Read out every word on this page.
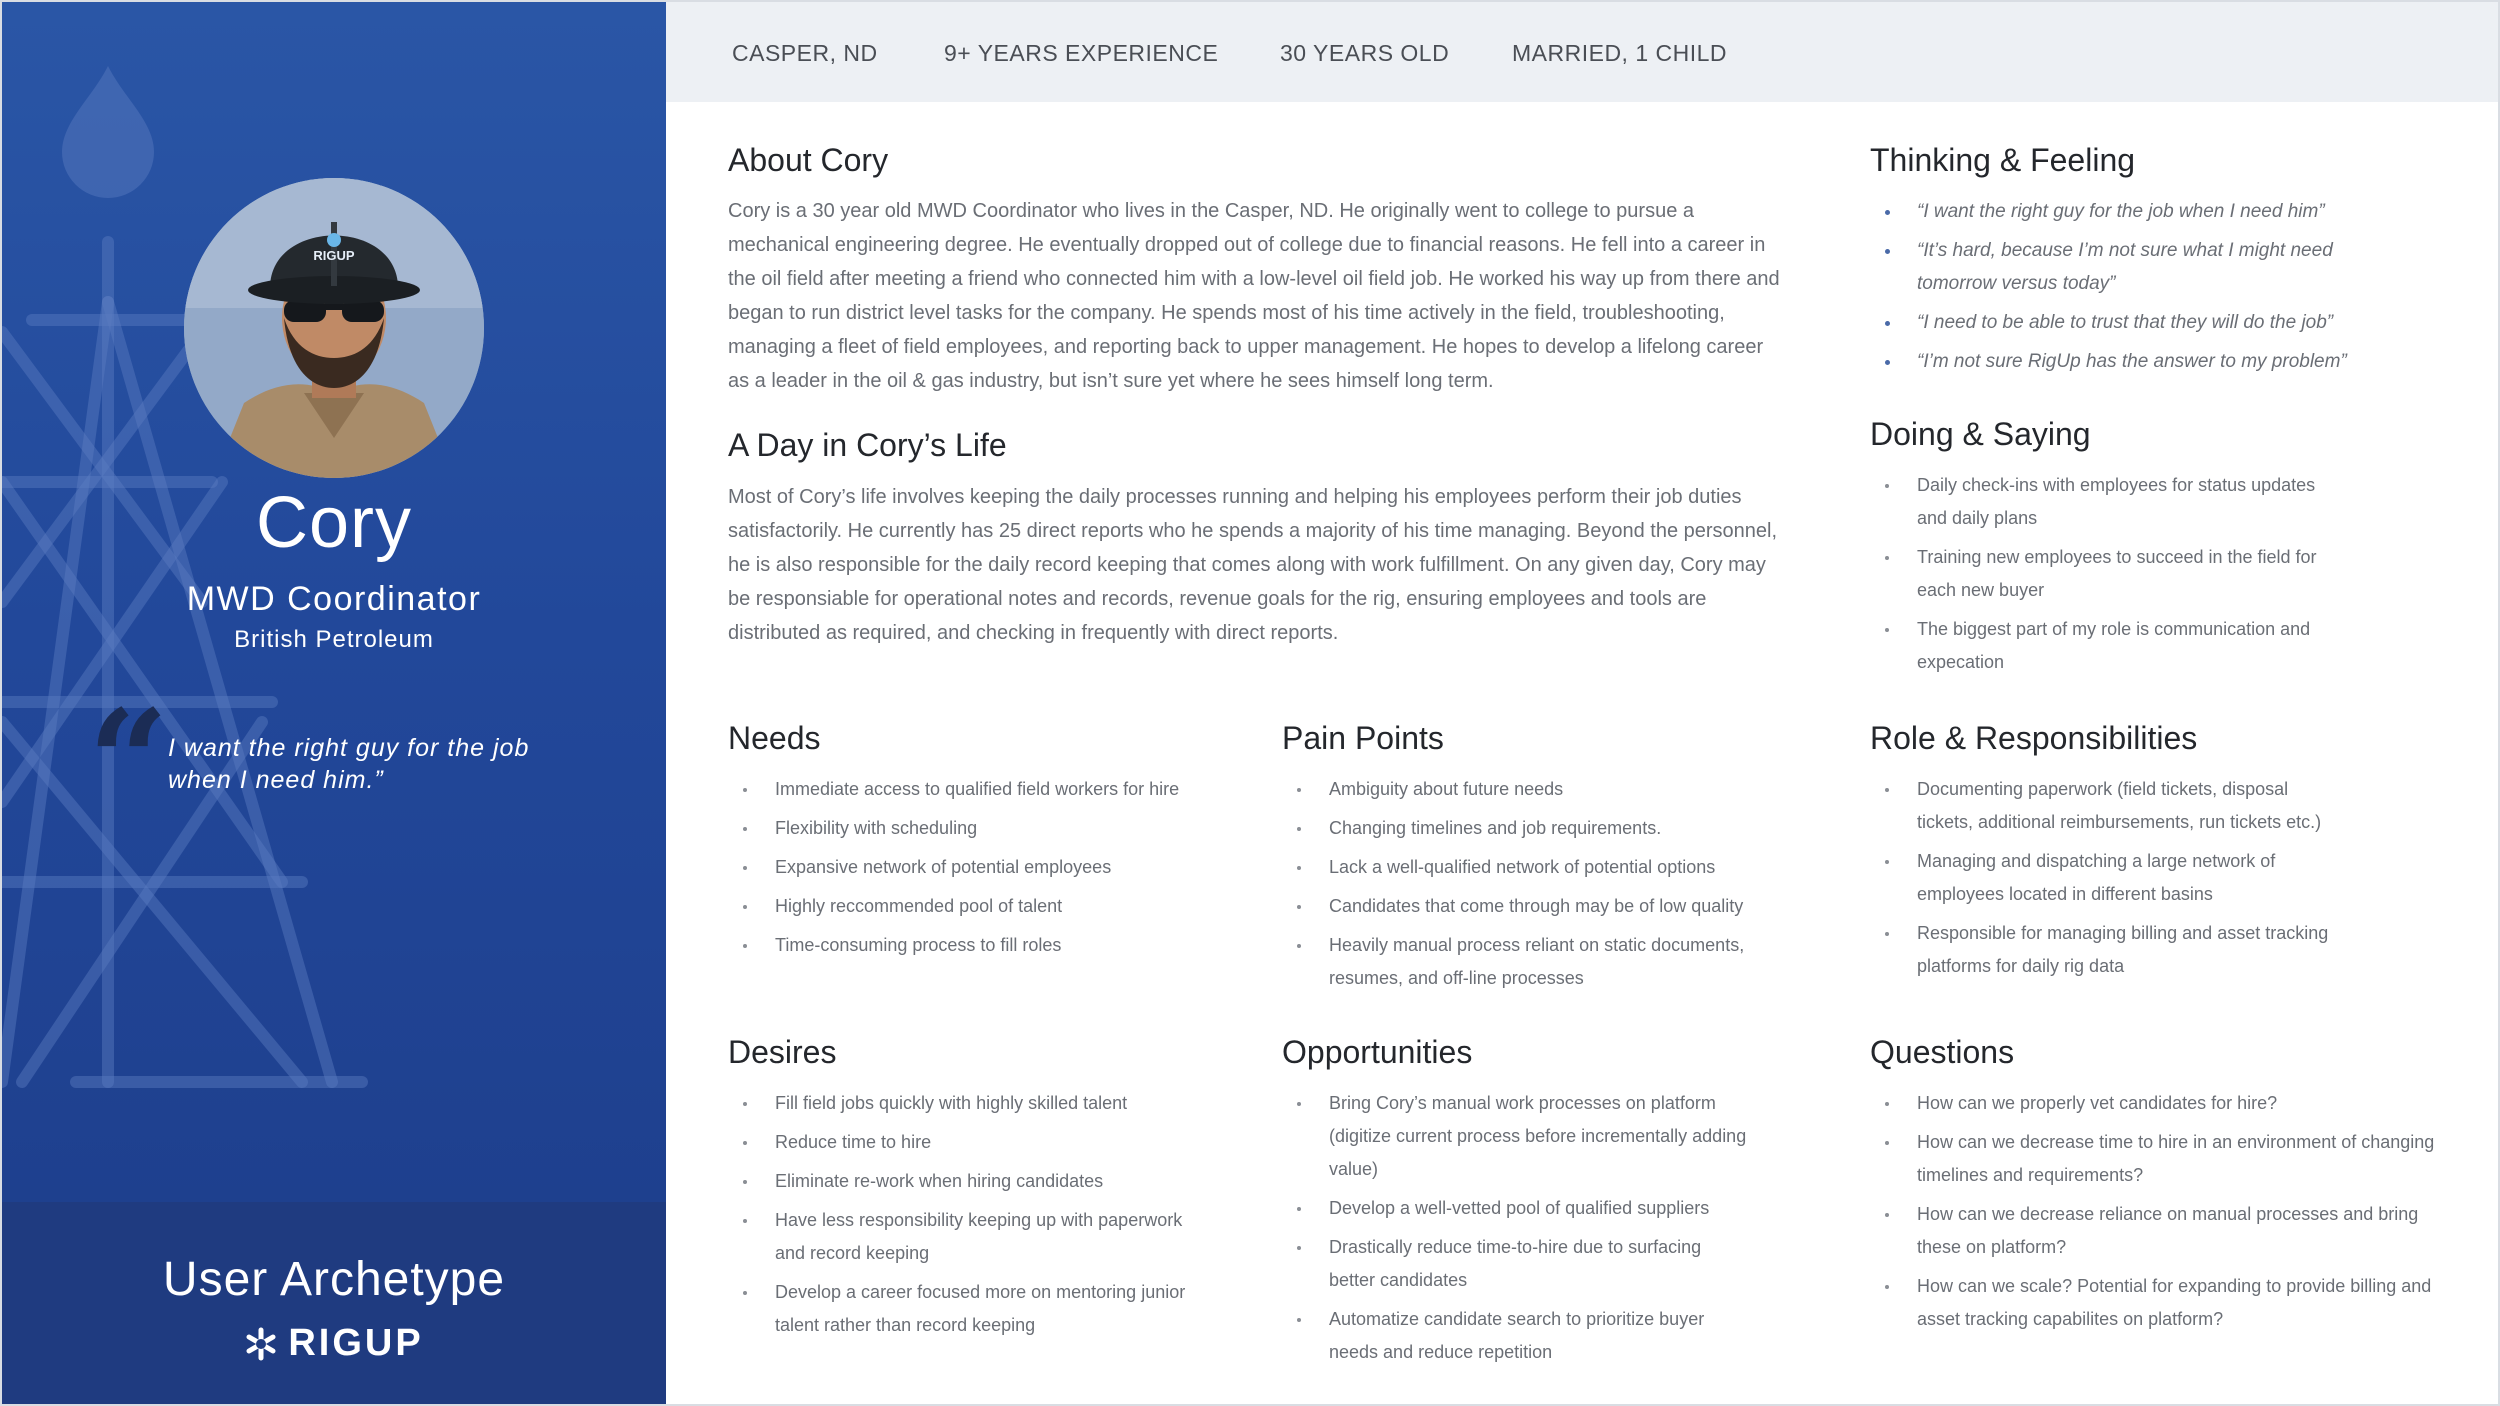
RIGUP
Cory
MWD Coordinator
British Petroleum
“ I want the right guy for the job when I need him.”
User Archetype
RIGUP
CASPER, ND	9+ YEARS EXPERIENCE	30 YEARS OLD	MARRIED, 1 CHILD
About Cory
Cory is a 30 year old MWD Coordinator who lives in the Casper, ND. He originally went to college to pursue a mechanical engineering degree. He eventually dropped out of college due to financial reasons. He fell into a career in the oil field after meeting a friend who connected him with a low-level oil field job. He worked his way up from there and began to run district level tasks for the company. He spends most of his time actively in the field, troubleshooting, managing a fleet of field employees, and reporting back to upper management. He hopes to develop a lifelong career as a leader in the oil & gas industry, but isn’t sure yet where he sees himself long term.
A Day in Cory’s Life
Most of Cory’s life involves keeping the daily processes running and helping his employees perform their job duties satisfactorily. He currently has 25 direct reports who he spends a majority of his time managing. Beyond the personnel, he is also responsible for the daily record keeping that comes along with work fulfillment. On any given day, Cory may be responsiable for operational notes and records, revenue goals for the rig, ensuring employees and tools are distributed as required, and checking in frequently with direct reports.
Thinking & Feeling
“I want the right guy for the job when I need him”
“It’s hard, because I’m not sure what I might need tomorrow versus today”
“I need to be able to trust that they will do the job”
“I’m not sure RigUp has the answer to my problem”
Doing & Saying
Daily check-ins with employees for status updates and daily plans
Training new employees to succeed in the field for each new buyer
The biggest part of my role is communication and expecation
Needs
Immediate access to qualified field workers for hire
Flexibility with scheduling
Expansive network of potential employees
Highly reccommended pool of talent
Time-consuming process to fill roles
Pain Points
Ambiguity about future needs
Changing timelines and job requirements.
Lack a well-qualified network of potential options
Candidates that come through may be of low quality
Heavily manual process reliant on static documents, resumes, and off-line processes
Role & Responsibilities
Documenting paperwork (field tickets, disposal tickets, additional reimbursements, run tickets etc.)
Managing and dispatching a large network of employees located in different basins
Responsible for managing billing and asset tracking platforms for daily rig data
Desires
Fill field jobs quickly with highly skilled talent
Reduce time to hire
Eliminate re-work when hiring candidates
Have less responsibility keeping up with paperwork and record keeping
Develop a career focused more on mentoring junior talent rather than record keeping
Opportunities
Bring Cory’s manual work processes on platform (digitize current process before incrementally adding value)
Develop a well-vetted pool of qualified suppliers
Drastically reduce time-to-hire due to surfacing better candidates
Automatize candidate search to prioritize buyer needs and reduce repetition
Questions
How can we properly vet candidates for hire?
How can we decrease time to hire in an environment of changing timelines and requirements?
How can we decrease reliance on manual processes and bring these on platform?
How can we scale? Potential for expanding to provide billing and asset tracking capabilites on platform?
